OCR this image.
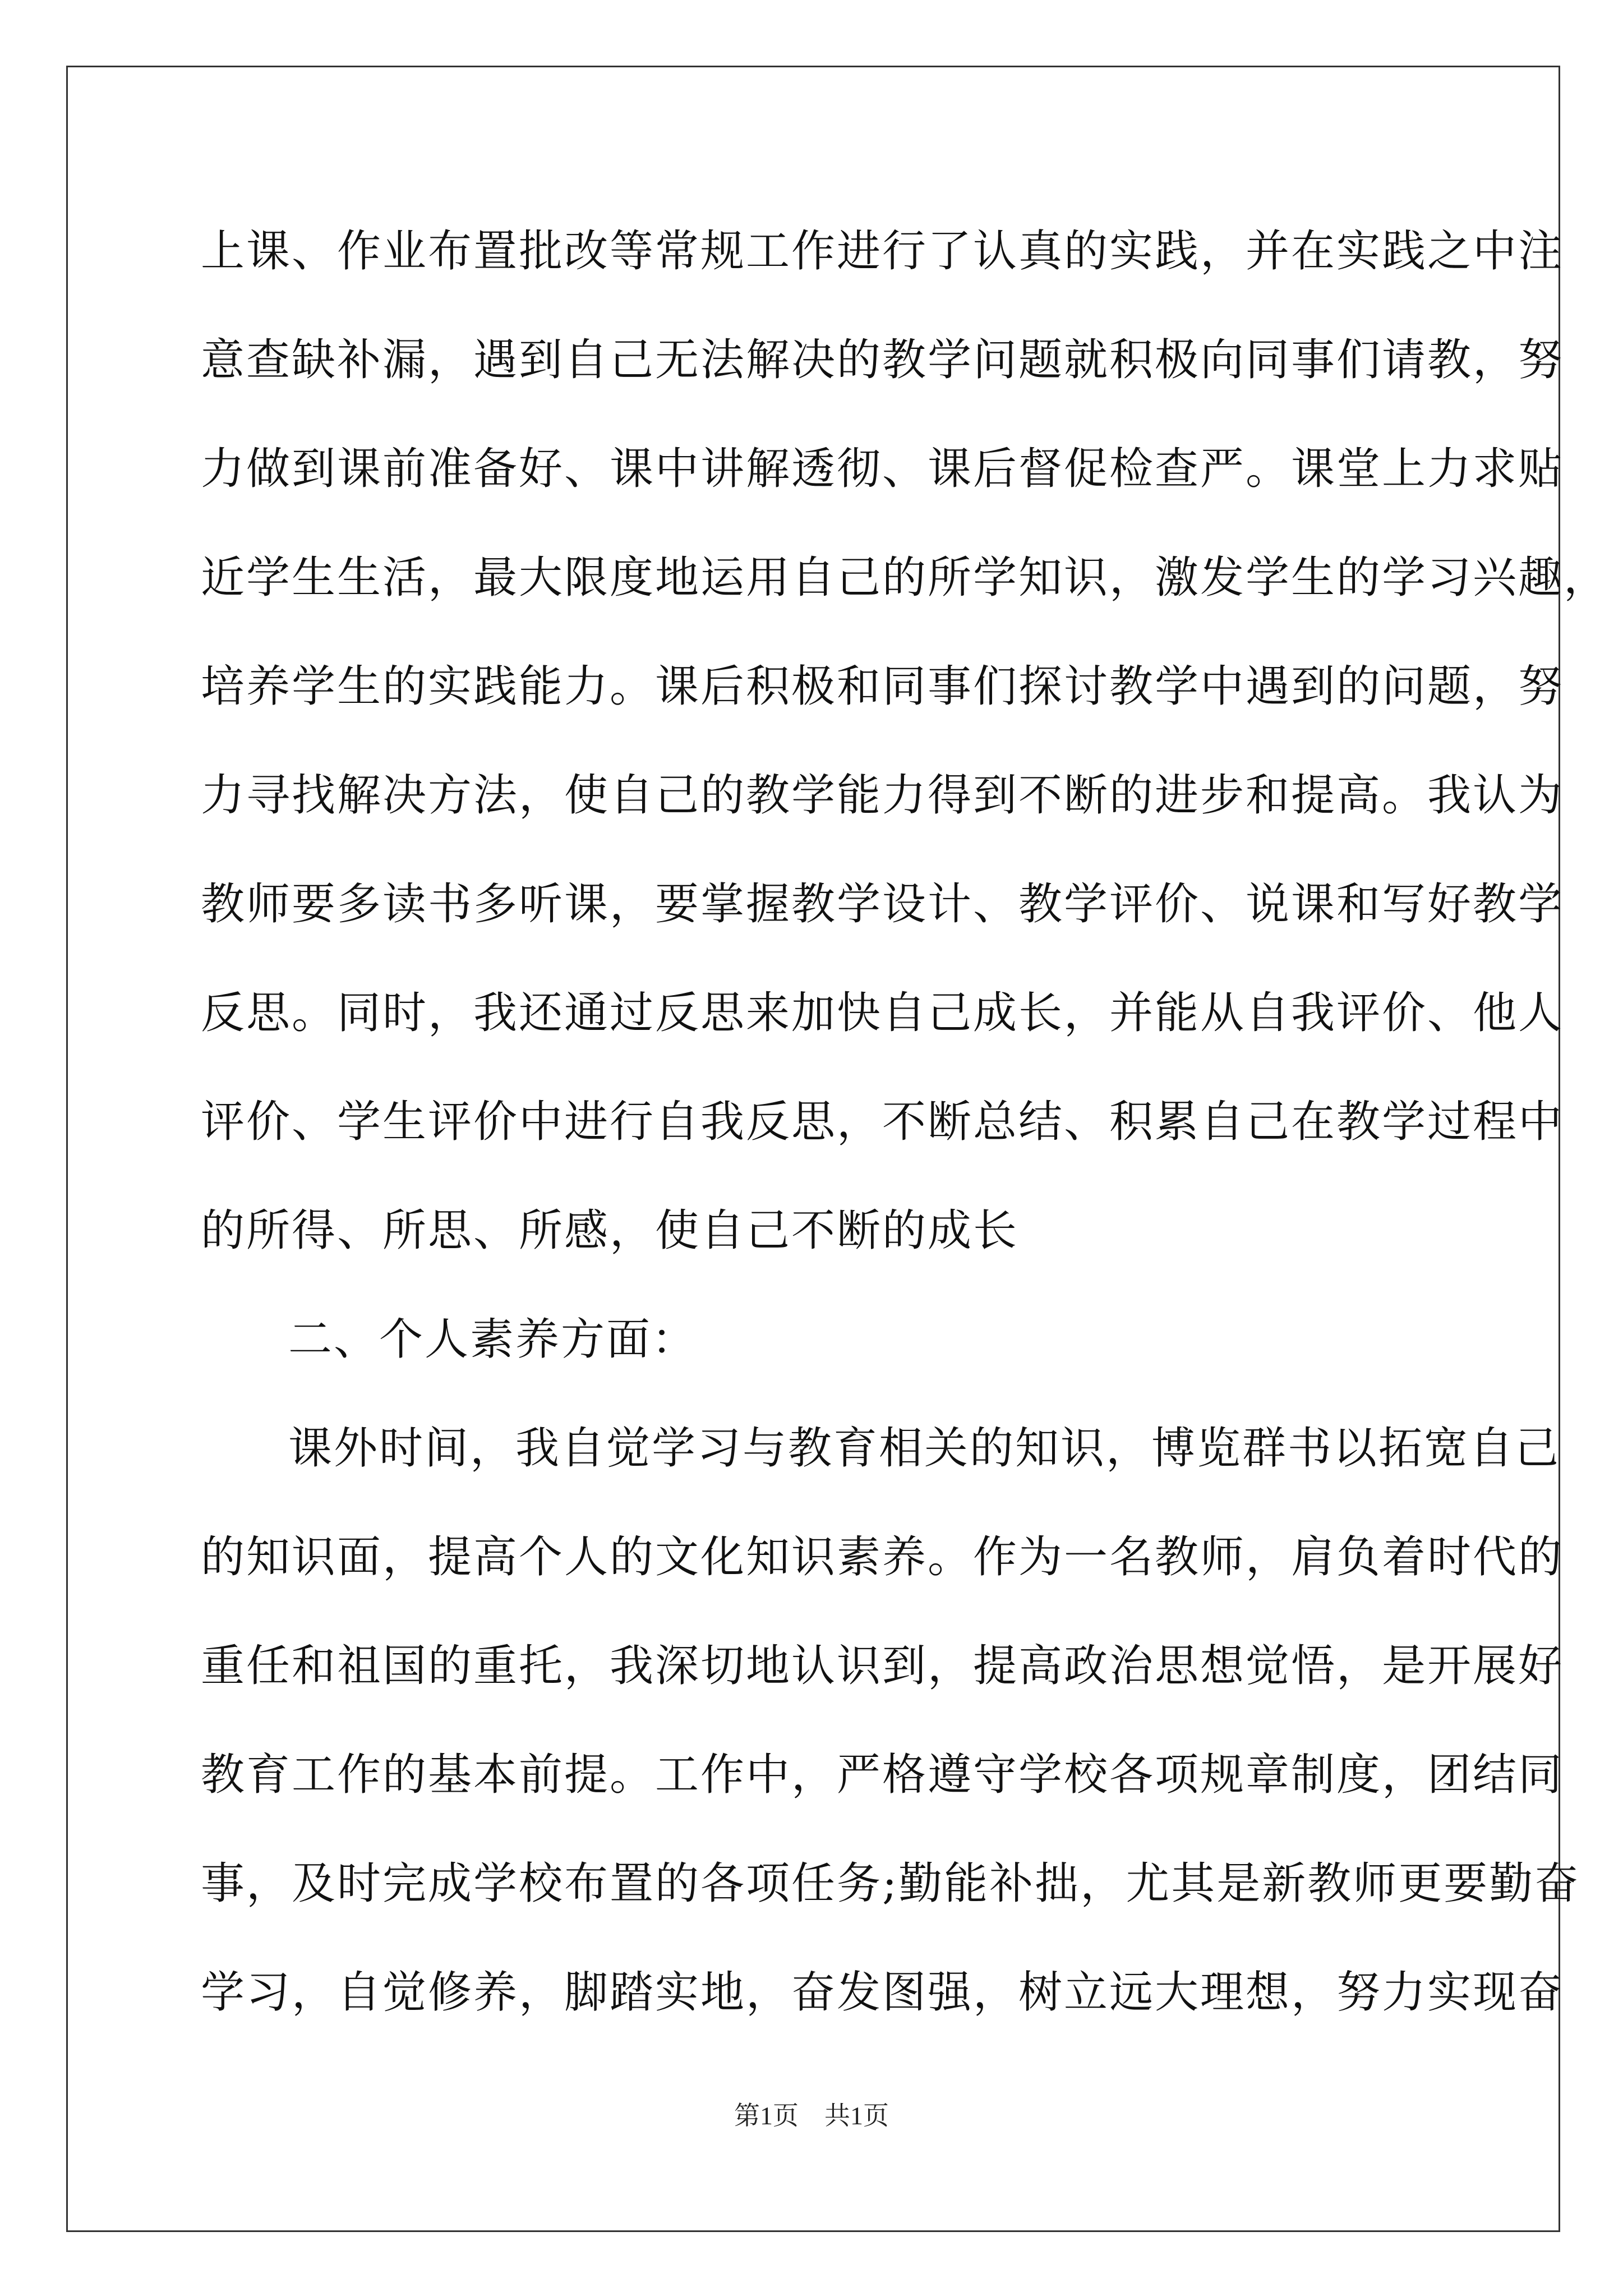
上课、作业布置批改等常规工作进行了认真的实践，并在实践之中注
意查缺补漏，遇到自己无法解决的教学问题就积极向同事们请教，努
力做到课前准备好、课中讲解透彻、课后督促检查严。课堂上力求贴
近学生生活，最大限度地运用自己的所学知识，激发学生的学习兴趣，
培养学生的实践能力。课后积极和同事们探讨教学中遇到的问题，努
力寻找解决方法，使自己的教学能力得到不断的进步和提高。我认为
教师要多读书多听课，要掌握教学设计、教学评价、说课和写好教学
反思。同时，我还通过反思来加快自己成长，并能从自我评价、他人
评价、学生评价中进行自我反思，不断总结、积累自己在教学过程中
的所得、所思、所感，使自己不断的成长
二、个人素养方面：
课外时间，我自觉学习与教育相关的知识，博览群书以拓宽自己
的知识面，提高个人的文化知识素养。作为一名教师，肩负着时代的
重任和祖国的重托，我深切地认识到，提高政治思想觉悟，是开展好
教育工作的基本前提。工作中，严格遵守学校各项规章制度，团结同
事，及时完成学校布置的各项任务;勤能补拙，尤其是新教师更要勤奋
学习，自觉修养，脚踏实地，奋发图强，树立远大理想，努力实现奋
第1页　共1页
